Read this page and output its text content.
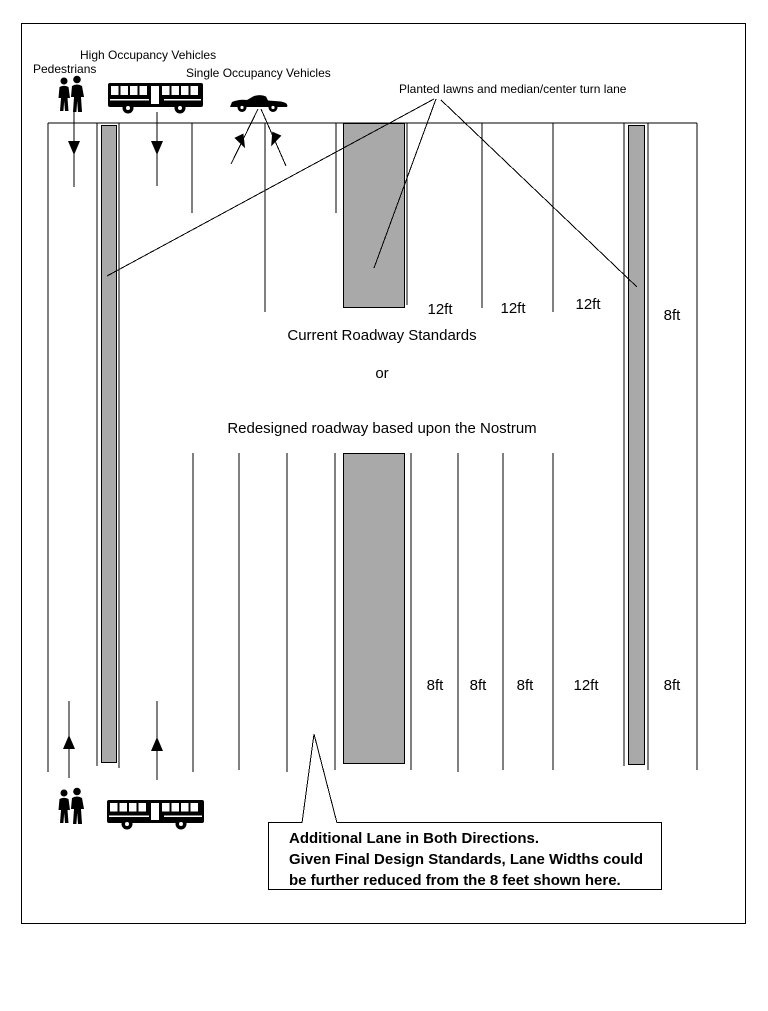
Pedestrians
High Occupancy Vehicles
Single Occupancy Vehicles
Planted lawns and median/center turn lane
12ft	12ft	12ft
8ft
Current Roadway Standards
or
Redesigned roadway based upon the Nostrum
8ft 8ft 8ft	12ft	8ft
Additional Lane in Both Directions.
Given Final Design Standards, Lane Widths could
be further reduced from the 8 feet shown here.
